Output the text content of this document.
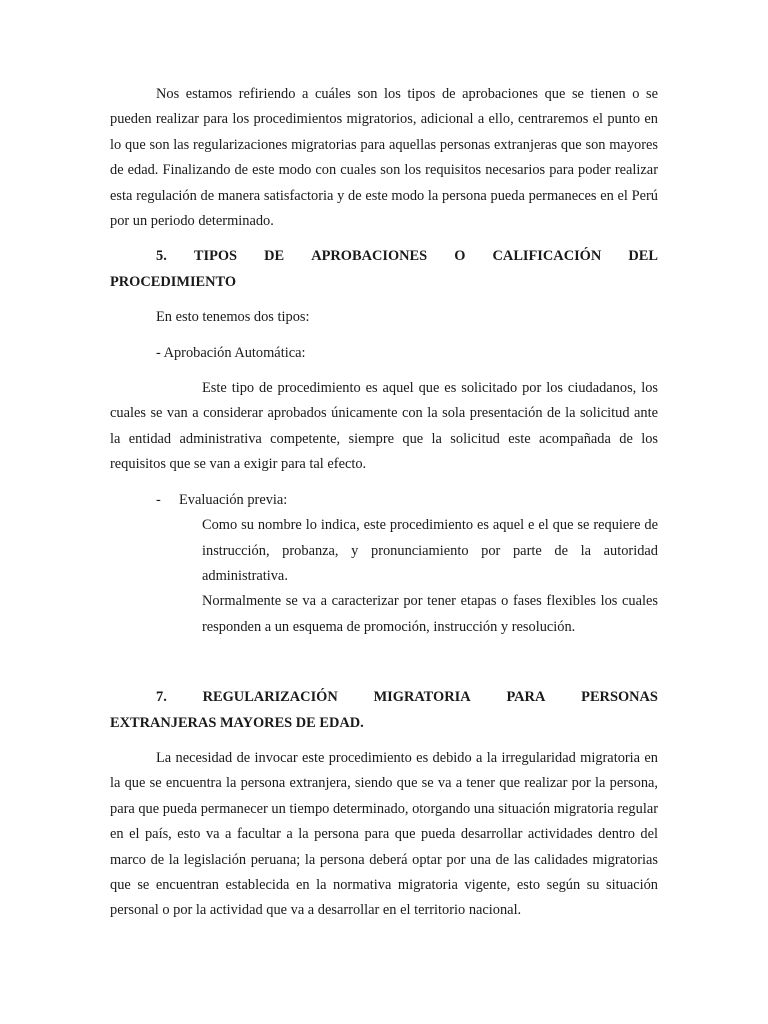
Nos estamos refiriendo a cuáles son los tipos de aprobaciones que se tienen o se pueden realizar para los procedimientos migratorios, adicional a ello, centraremos el punto en lo que son las regularizaciones migratorias para aquellas personas extranjeras que son mayores de edad. Finalizando de este modo con cuales son los requisitos necesarios para poder realizar esta regulación de manera satisfactoria y de este modo la persona pueda permaneces en el Perú por un periodo determinado.

5. TIPOS DE APROBACIONES O CALIFICACIÓN DEL
PROCEDIMIENTO

En esto tenemos dos tipos:

- Aprobación Automática:

Este tipo de procedimiento es aquel que es solicitado por los ciudadanos, los cuales se van a considerar aprobados únicamente con la sola presentación de la solicitud ante la entidad administrativa competente, siempre que la solicitud este acompañada de los requisitos que se van a exigir para tal efecto.

-	Evaluación previa:

Como su nombre lo indica, este procedimiento es aquel e el que se requiere de instrucción, probanza, y pronunciamiento por parte de la autoridad administrativa.

Normalmente se va a caracterizar por tener etapas o fases flexibles los cuales responden a un esquema de promoción, instrucción y resolución.

7. REGULARIZACIÓN MIGRATORIA PARA PERSONAS
EXTRANJERAS MAYORES DE EDAD.

La necesidad de invocar este procedimiento es debido a la irregularidad migratoria en la que se encuentra la persona extranjera, siendo que se va a tener que realizar por la persona, para que pueda permanecer un tiempo determinado, otorgando una situación migratoria regular en el país, esto va a facultar a la persona para que pueda desarrollar actividades dentro del marco de la legislación peruana; la persona deberá optar por una de las calidades migratorias que se encuentran establecida en la normativa migratoria vigente, esto según su situación personal o por la actividad que va a desarrollar en el territorio nacional.
